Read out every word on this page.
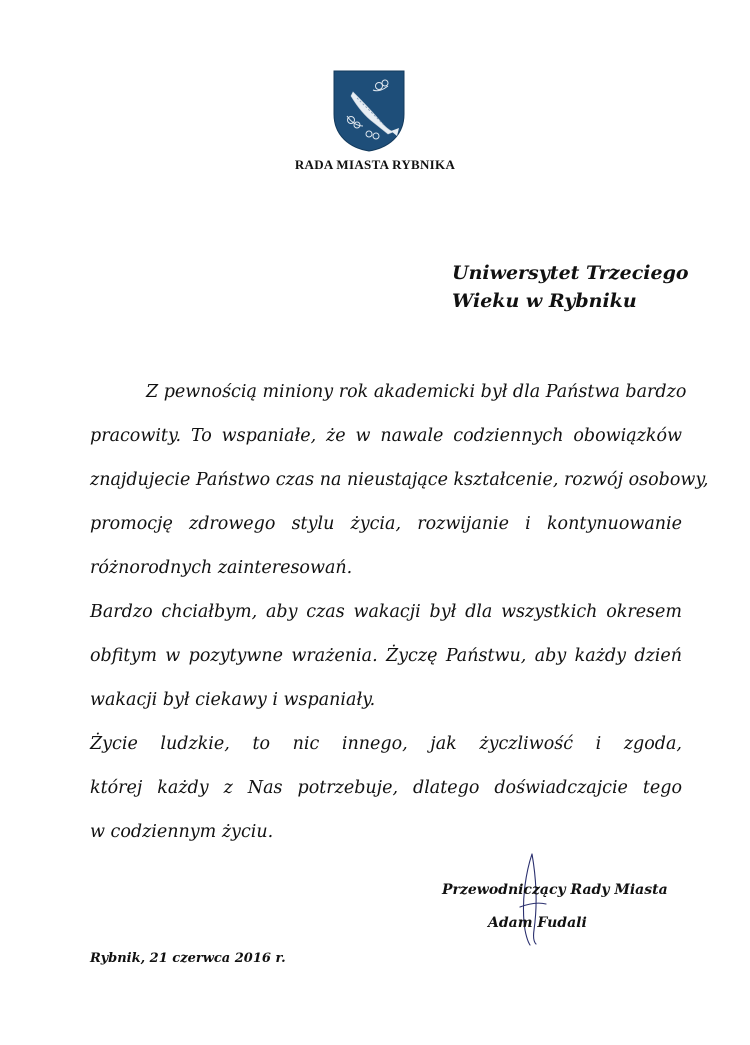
RADA MIASTA RYBNIKA
Uniwersytet Trzeciego
Wieku w Rybniku

Z pewnością miniony rok akademicki był dla Państwa bardzo
pracowity. To wspaniałe, że w nawale codziennych obowiązków
znajdujecie Państwo czas na nieustające kształcenie, rozwój osobowy,
promocję zdrowego stylu życia, rozwijanie i kontynuowanie
różnorodnych zainteresowań.

Bardzo chciałbym, aby czas wakacji był dla wszystkich okresem
obfitym w pozytywne wrażenia. Życzę Państwu, aby każdy dzień
wakacji był ciekawy i wspaniały.

Życie ludzkie, to nic innego, jak życzliwość i zgoda,
której każdy z Nas potrzebuje, dlatego doświadczajcie tego
w codziennym życiu.

Przewodniczący Rady Miasta
Adam Fudali
Rybnik, 21 czerwca 2016 r.
